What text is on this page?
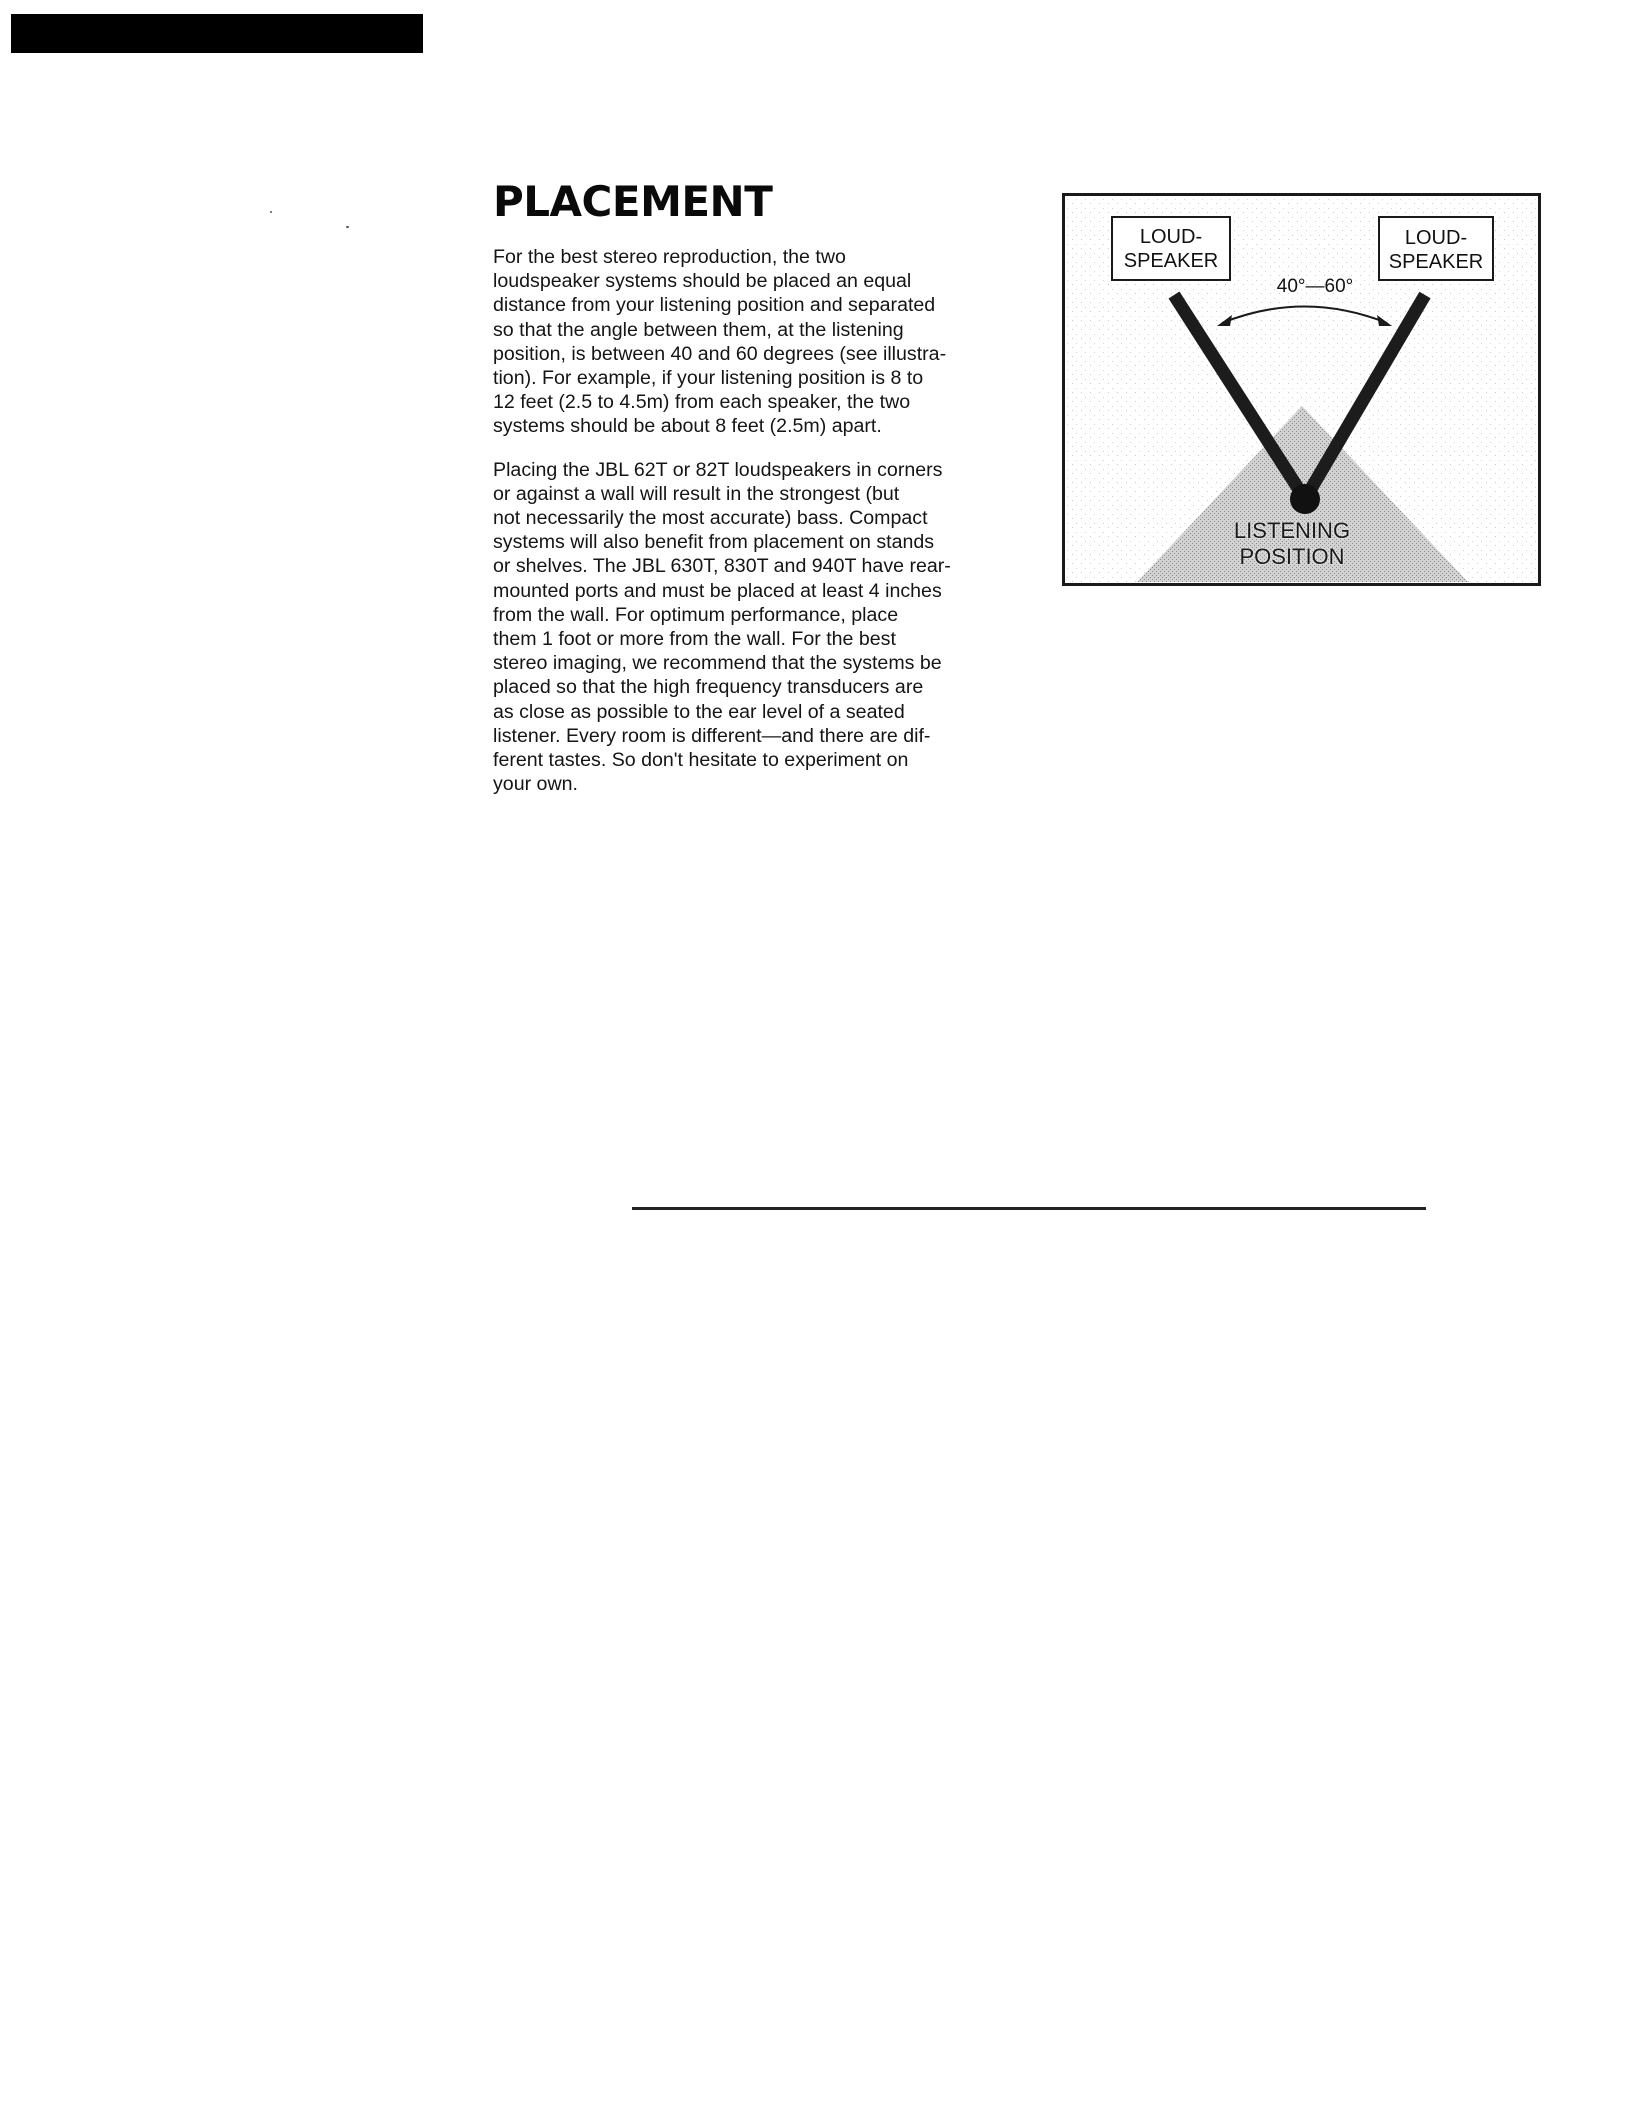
PLACEMENT

For the best stereo reproduction, the two
loudspeaker systems should be placed an equal
distance from your listening position and separated
so that the angle between them, at the listening
position, is between 40 and 60 degrees (see illustra-
tion). For example, if your listening position is 8 to
12 feet (2.5 to 4.5m) from each speaker, the two
systems should be about 8 feet (2.5m) apart.

Placing the JBL 62T or 82T loudspeakers in corners
or against a wall will result in the strongest (but
not necessarily the most accurate) bass. Compact
systems will also benefit from placement on stands
or shelves. The JBL 630T, 830T and 940T have rear-
mounted ports and must be placed at least 4 inches
from the wall. For optimum performance, place
them 1 foot or more from the wall. For the best
stereo imaging, we recommend that the systems be
placed so that the high frequency transducers are
as close as possible to the ear level of a seated
listener. Every room is different—and there are dif-
ferent tastes. So don't hesitate to experiment on
your own.

LOUD-
SPEAKER
LOUD-
SPEAKER
40°—60°
LISTENING
POSITION
